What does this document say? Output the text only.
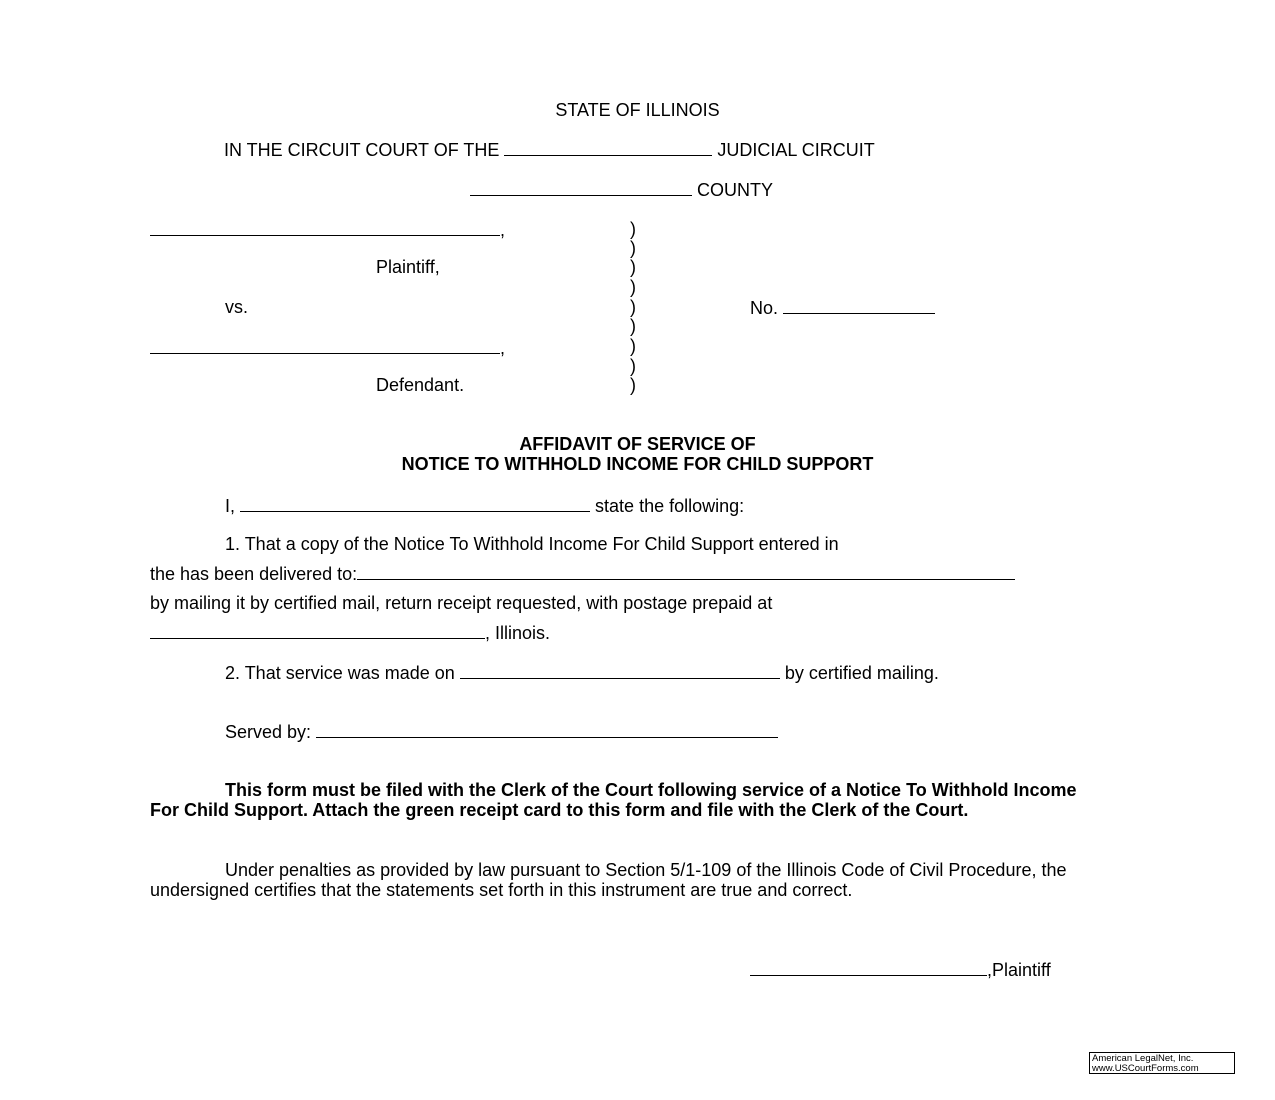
STATE OF ILLINOIS
IN THE CIRCUIT COURT OF THE	JUDICIAL CIRCUIT
COUNTY
,
Plaintiff,
vs.
,
Defendant.
No.
)
)
)
)
)
)
)
)
)
AFFIDAVIT OF SERVICE OF
NOTICE TO WITHHOLD INCOME FOR CHILD SUPPORT
I,	state the following:
1. That a copy of the Notice To Withhold Income For Child Support entered in
the has been delivered to:
by mailing it by certified mail, return receipt requested, with postage prepaid at
, Illinois.
2. That service was made on	by certified mailing.
Served by:

This form must be filed with the Clerk of the Court following service of a Notice To Withhold Income For Child Support. Attach the green receipt card to this form and file with the Clerk of the Court.

Under penalties as provided by law pursuant to Section 5/1-109 of the Illinois Code of Civil Procedure, the undersigned certifies that the statements set forth in this instrument are true and correct.

,Plaintiff
American LegalNet, Inc.
www.USCourtForms.com
